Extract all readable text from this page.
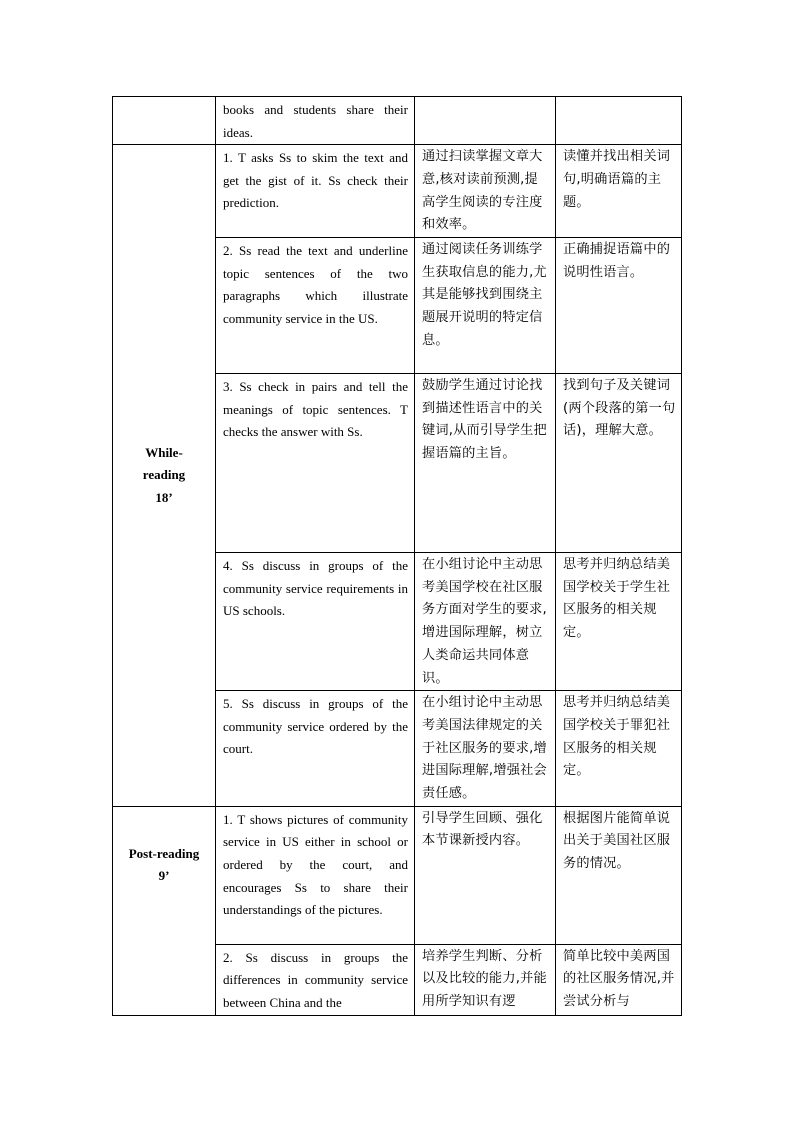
	books and students share their ideas.		

While-
reading
18’	1. T asks Ss to skim the text and get the gist of it. Ss check their prediction.	通过扫读掌握文章大意,核对读前预测,提高学生阅读的专注度和效率。	读懂并找出相关词句,明确语篇的主题。

	2. Ss read the text and underline topic sentences of the two paragraphs which illustrate community service in the US.	通过阅读任务训练学生获取信息的能力,尤其是能够找到围绕主题展开说明的特定信息。	正确捕捉语篇中的说明性语言。

	3. Ss check in pairs and tell the meanings of topic sentences. T checks the answer with Ss.	鼓励学生通过讨论找到描述性语言中的关键词,从而引导学生把握语篇的主旨。	找到句子及关键词(两个段落的第一句话)，理解大意。

	4. Ss discuss in groups of the community service requirements in US schools.	在小组讨论中主动思考美国学校在社区服务方面对学生的要求,增进国际理解，树立人类命运共同体意识。	思考并归纳总结美国学校关于学生社区服务的相关规定。

	5. Ss discuss in groups of the community service ordered by the court.	在小组讨论中主动思考美国法律规定的关于社区服务的要求,增进国际理解,增强社会责任感。	思考并归纳总结美国学校关于罪犯社区服务的相关规定。

Post-reading
9’	1. T shows pictures of community service in US either in school or ordered by the court, and encourages Ss to share their understandings of the pictures.	引导学生回顾、强化本节课新授内容。	根据图片能简单说出关于美国社区服务的情况。

	2. Ss discuss in groups the differences in community service between China and the	培养学生判断、分析以及比较的能力,并能用所学知识有逻	简单比较中美两国的社区服务情况,并尝试分析与
